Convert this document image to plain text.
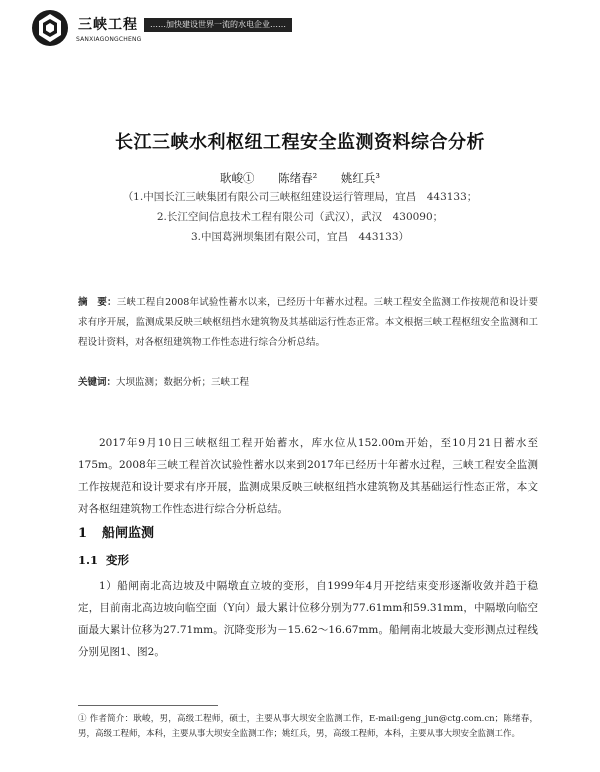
三峡工程
SANXIAGONGCHENG
……加快建设世界一流的水电企业……
长江三峡水利枢纽工程安全监测资料综合分析
耿峻① 陈绪春² 姚红兵³
（1.中国长江三峡集团有限公司三峡枢纽建设运行管理局，宜昌　443133；
2.长江空间信息技术工程有限公司（武汉），武汉　430090；
3.中国葛洲坝集团有限公司，宜昌　443133）
摘　要：三峡工程自2008年试验性蓄水以来，已经历十年蓄水过程。三峡工程安全监测工作按规范和设计要求有序开展，监测成果反映三峡枢纽挡水建筑物及其基础运行性态正常。本文根据三峡工程枢纽安全监测和工程设计资料，对各枢纽建筑物工作性态进行综合分析总结。
关键词：大坝监测；数据分析；三峡工程
2017年9月10日三峡枢纽工程开始蓄水，库水位从152.00m开始，至10月21日蓄水至175m。2008年三峡工程首次试验性蓄水以来到2017年已经历十年蓄水过程，三峡工程安全监测工作按规范和设计要求有序开展，监测成果反映三峡枢纽挡水建筑物及其基础运行性态正常，本文对各枢纽建筑物工作性态进行综合分析总结。
1 船闸监测
1.1 变形
1）船闸南北高边坡及中隔墩直立坡的变形，自1999年4月开挖结束变形逐渐收敛并趋于稳定，目前南北高边坡向临空面（Y向）最大累计位移分别为77.61mm和59.31mm，中隔墩向临空面最大累计位移为27.71mm。沉降变形为－15.62～16.67mm。船闸南北坡最大变形测点过程线分别见图1、图2。
① 作者简介：耿峻，男，高级工程师，硕士，主要从事大坝安全监测工作，E-mail:geng_jun@ctg.com.cn；陈绪春，男，高级工程师，本科，主要从事大坝安全监测工作；姚红兵，男，高级工程师，本科，主要从事大坝安全监测工作。
